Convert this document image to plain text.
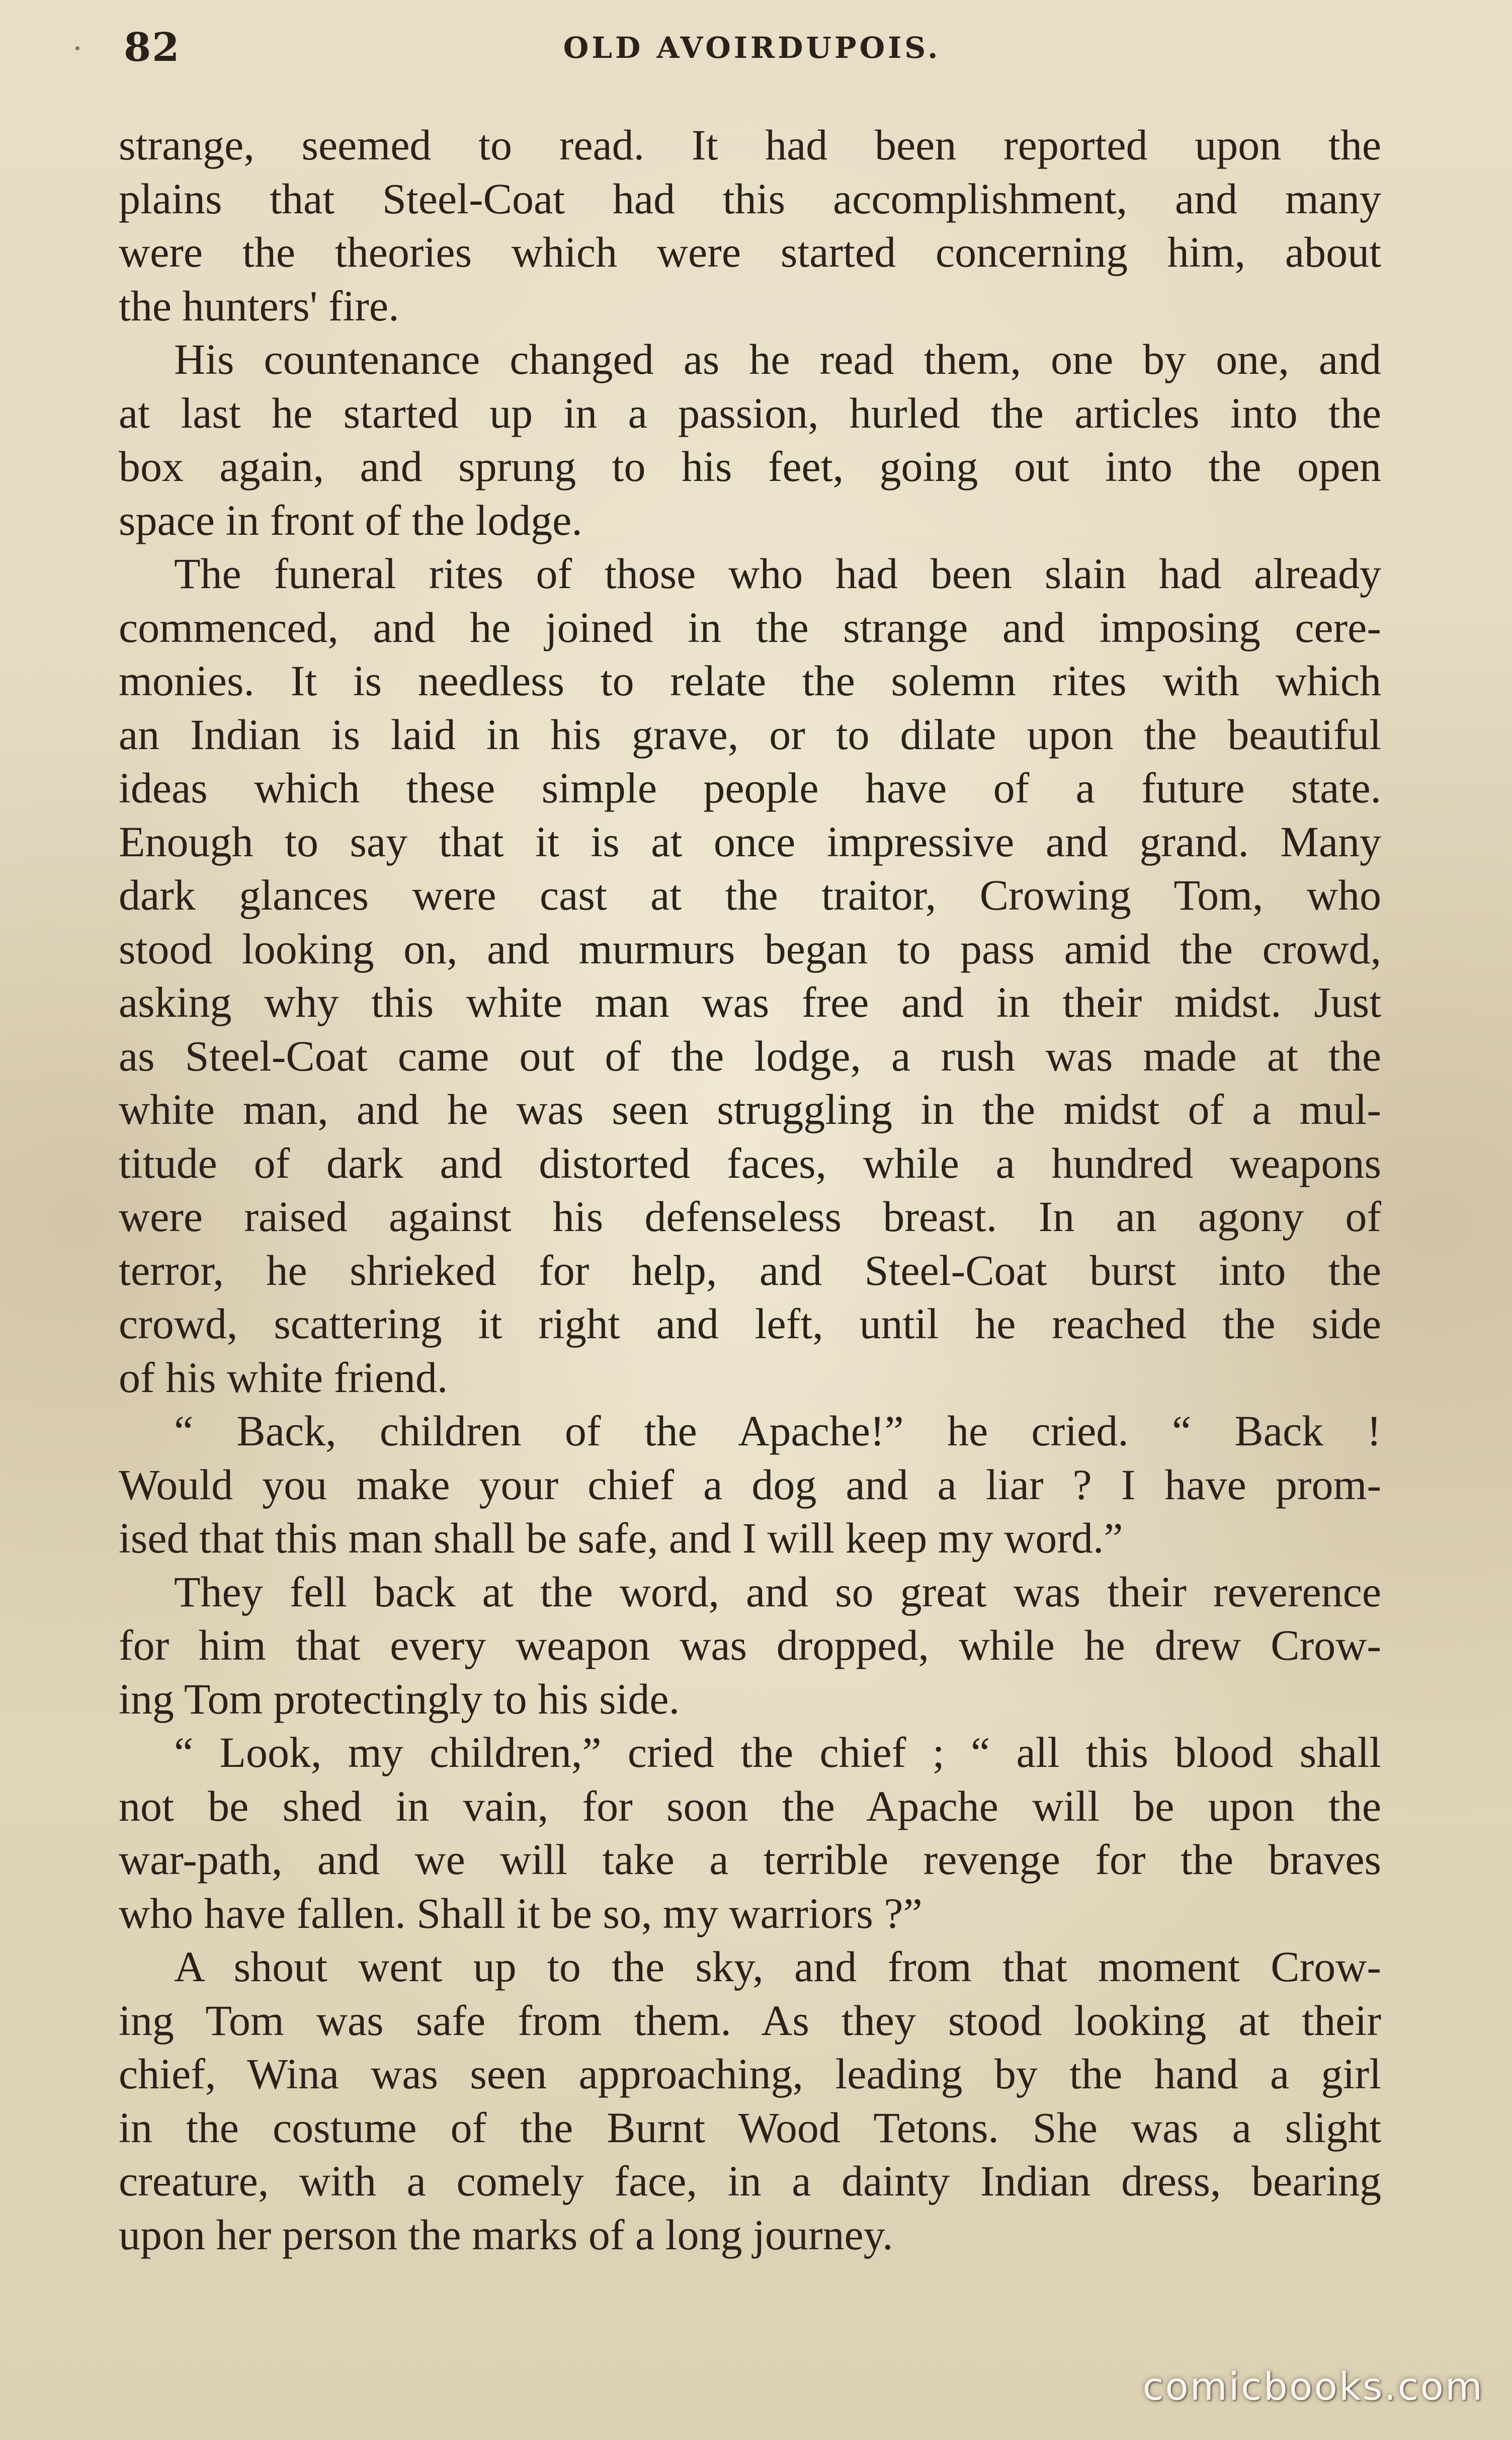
82	OLD AVOIRDUPOIS.
strange, seemed to read. It had been reported upon the
plains that Steel-Coat had this accomplishment, and many
were the theories which were started concerning him, about
the hunters' fire.
His countenance changed as he read them, one by one, and
at last he started up in a passion, hurled the articles into the
box again, and sprung to his feet, going out into the open
space in front of the lodge.
The funeral rites of those who had been slain had already
commenced, and he joined in the strange and imposing cere-
monies. It is needless to relate the solemn rites with which
an Indian is laid in his grave, or to dilate upon the beautiful
ideas which these simple people have of a future state.
Enough to say that it is at once impressive and grand. Many
dark glances were cast at the traitor, Crowing Tom, who
stood looking on, and murmurs began to pass amid the crowd,
asking why this white man was free and in their midst. Just
as Steel-Coat came out of the lodge, a rush was made at the
white man, and he was seen struggling in the midst of a mul-
titude of dark and distorted faces, while a hundred weapons
were raised against his defenseless breast. In an agony of
terror, he shrieked for help, and Steel-Coat burst into the
crowd, scattering it right and left, until he reached the side
of his white friend.
“ Back, children of the Apache!” he cried. “ Back !
Would you make your chief a dog and a liar ? I have prom-
ised that this man shall be safe, and I will keep my word.”
They fell back at the word, and so great was their reverence
for him that every weapon was dropped, while he drew Crow-
ing Tom protectingly to his side.
“ Look, my children,” cried the chief ; “ all this blood shall
not be shed in vain, for soon the Apache will be upon the
war-path, and we will take a terrible revenge for the braves
who have fallen. Shall it be so, my warriors ?”
A shout went up to the sky, and from that moment Crow-
ing Tom was safe from them. As they stood looking at their
chief, Wina was seen approaching, leading by the hand a girl
in the costume of the Burnt Wood Tetons. She was a slight
creature, with a comely face, in a dainty Indian dress, bearing
upon her person the marks of a long journey.
comicbooks.com
